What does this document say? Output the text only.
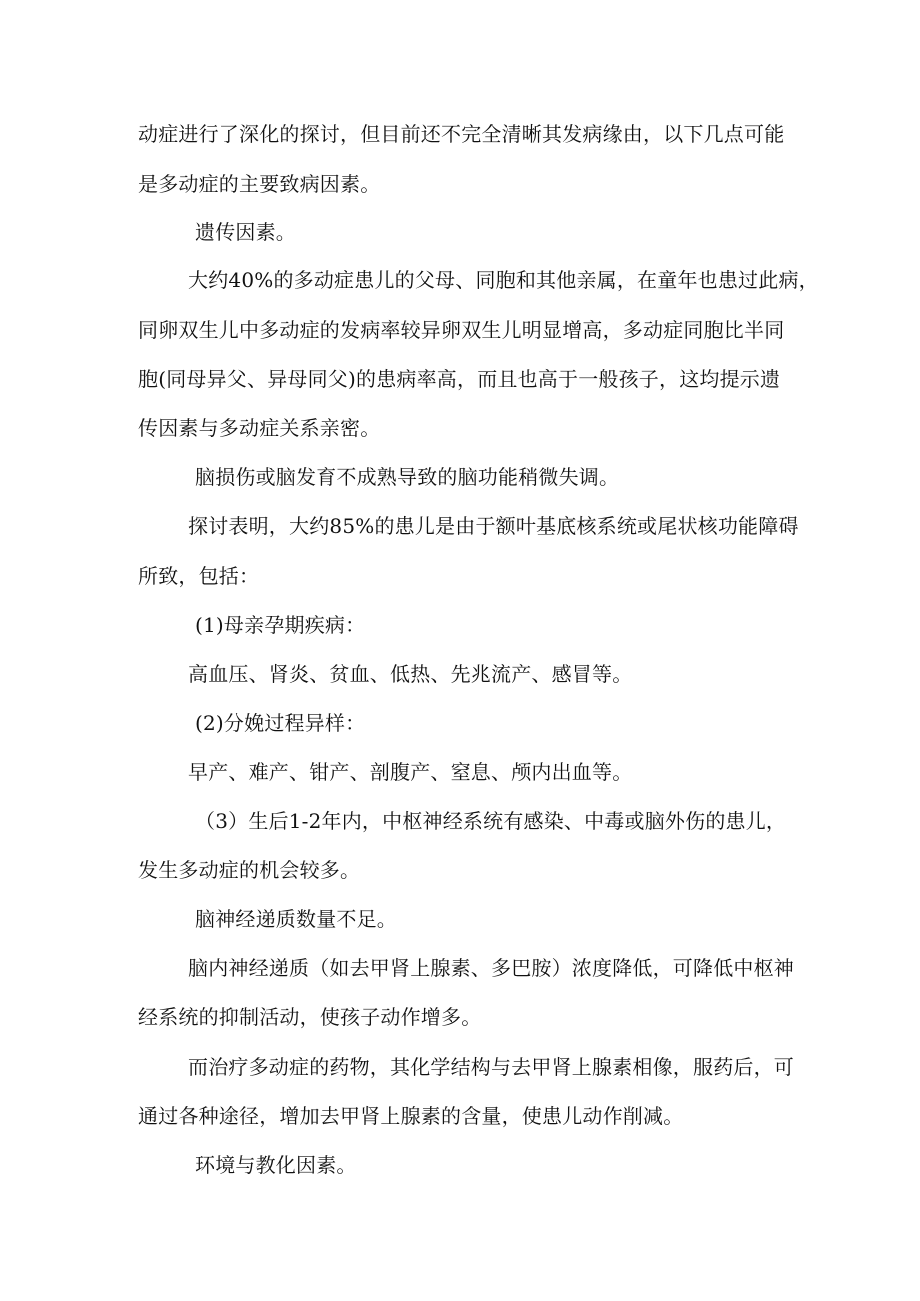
动症进行了深化的探讨，但目前还不完全清晰其发病缘由，以下几点可能
是多动症的主要致病因素。
遗传因素。
大约40%的多动症患儿的父母、同胞和其他亲属，在童年也患过此病，
同卵双生儿中多动症的发病率较异卵双生儿明显增高，多动症同胞比半同
胞(同母异父、异母同父)的患病率高，而且也高于一般孩子，这均提示遗
传因素与多动症关系亲密。
脑损伤或脑发育不成熟导致的脑功能稍微失调。
探讨表明，大约85%的患儿是由于额叶基底核系统或尾状核功能障碍
所致，包括：
(1)母亲孕期疾病：
高血压、肾炎、贫血、低热、先兆流产、感冒等。
(2)分娩过程异样：
早产、难产、钳产、剖腹产、窒息、颅内出血等。
（3）生后1-2年内，中枢神经系统有感染、中毒或脑外伤的患儿，
发生多动症的机会较多。
脑神经递质数量不足。
脑内神经递质（如去甲肾上腺素、多巴胺）浓度降低，可降低中枢神
经系统的抑制活动，使孩子动作增多。
而治疗多动症的药物，其化学结构与去甲肾上腺素相像，服药后，可
通过各种途径，增加去甲肾上腺素的含量，使患儿动作削减。
环境与教化因素。
